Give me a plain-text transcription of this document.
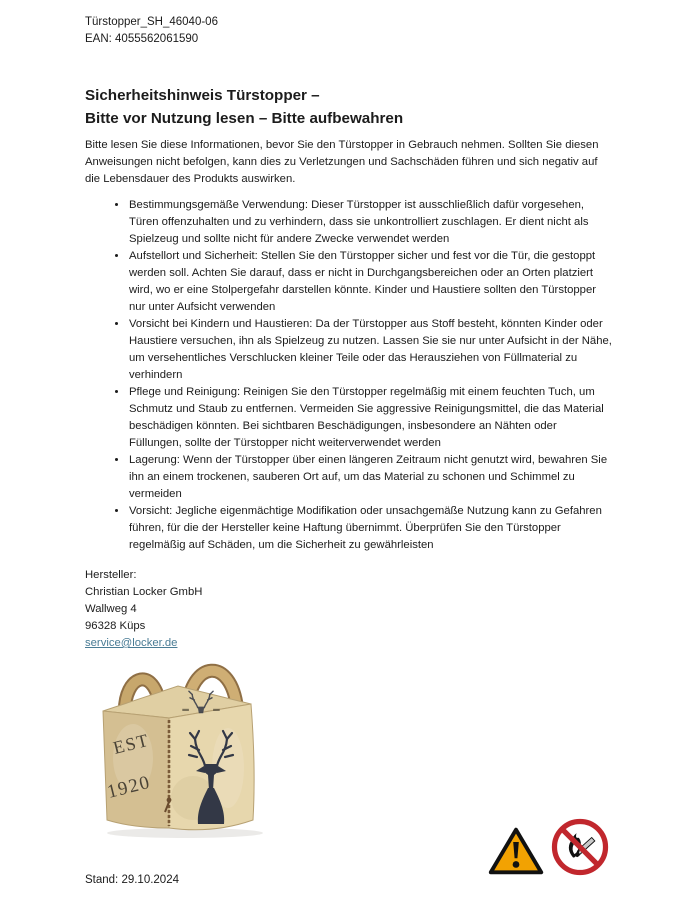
Türstopper_SH_46040-06
EAN: 4055562061590
Sicherheitshinweis Türstopper –
Bitte vor Nutzung lesen – Bitte aufbewahren
Bitte lesen Sie diese Informationen, bevor Sie den Türstopper in Gebrauch nehmen. Sollten Sie diesen Anweisungen nicht befolgen, kann dies zu Verletzungen und Sachschäden führen und sich negativ auf die Lebensdauer des Produkts auswirken.
• Bestimmungsgemäße Verwendung: Dieser Türstopper ist ausschließlich dafür vorgesehen, Türen offenzuhalten und zu verhindern, dass sie unkontrolliert zuschlagen. Er dient nicht als Spielzeug und sollte nicht für andere Zwecke verwendet werden
• Aufstellort und Sicherheit: Stellen Sie den Türstopper sicher und fest vor die Tür, die gestoppt werden soll. Achten Sie darauf, dass er nicht in Durchgangsbereichen oder an Orten platziert wird, wo er eine Stolpergefahr darstellen könnte. Kinder und Haustiere sollten den Türstopper nur unter Aufsicht verwenden
• Vorsicht bei Kindern und Haustieren: Da der Türstopper aus Stoff besteht, könnten Kinder oder Haustiere versuchen, ihn als Spielzeug zu nutzen. Lassen Sie sie nur unter Aufsicht in der Nähe, um versehentliches Verschlucken kleiner Teile oder das Herausziehen von Füllmaterial zu verhindern
• Pflege und Reinigung: Reinigen Sie den Türstopper regelmäßig mit einem feuchten Tuch, um Schmutz und Staub zu entfernen. Vermeiden Sie aggressive Reinigungsmittel, die das Material beschädigen könnten. Bei sichtbaren Beschädigungen, insbesondere an Nähten oder Füllungen, sollte der Türstopper nicht weiterverwendet werden
• Lagerung: Wenn der Türstopper über einen längeren Zeitraum nicht genutzt wird, bewahren Sie ihn an einem trockenen, sauberen Ort auf, um das Material zu schonen und Schimmel zu vermeiden
• Vorsicht: Jegliche eigenmächtige Modifikation oder unsachgemäße Nutzung kann zu Gefahren führen, für die der Hersteller keine Haftung übernimmt. Überprüfen Sie den Türstopper regelmäßig auf Schäden, um die Sicherheit zu gewährleisten
Hersteller:
Christian Locker GmbH
Wallweg 4
96328 Küps
service@locker.de
EST
1920
Stand: 29.10.2024
